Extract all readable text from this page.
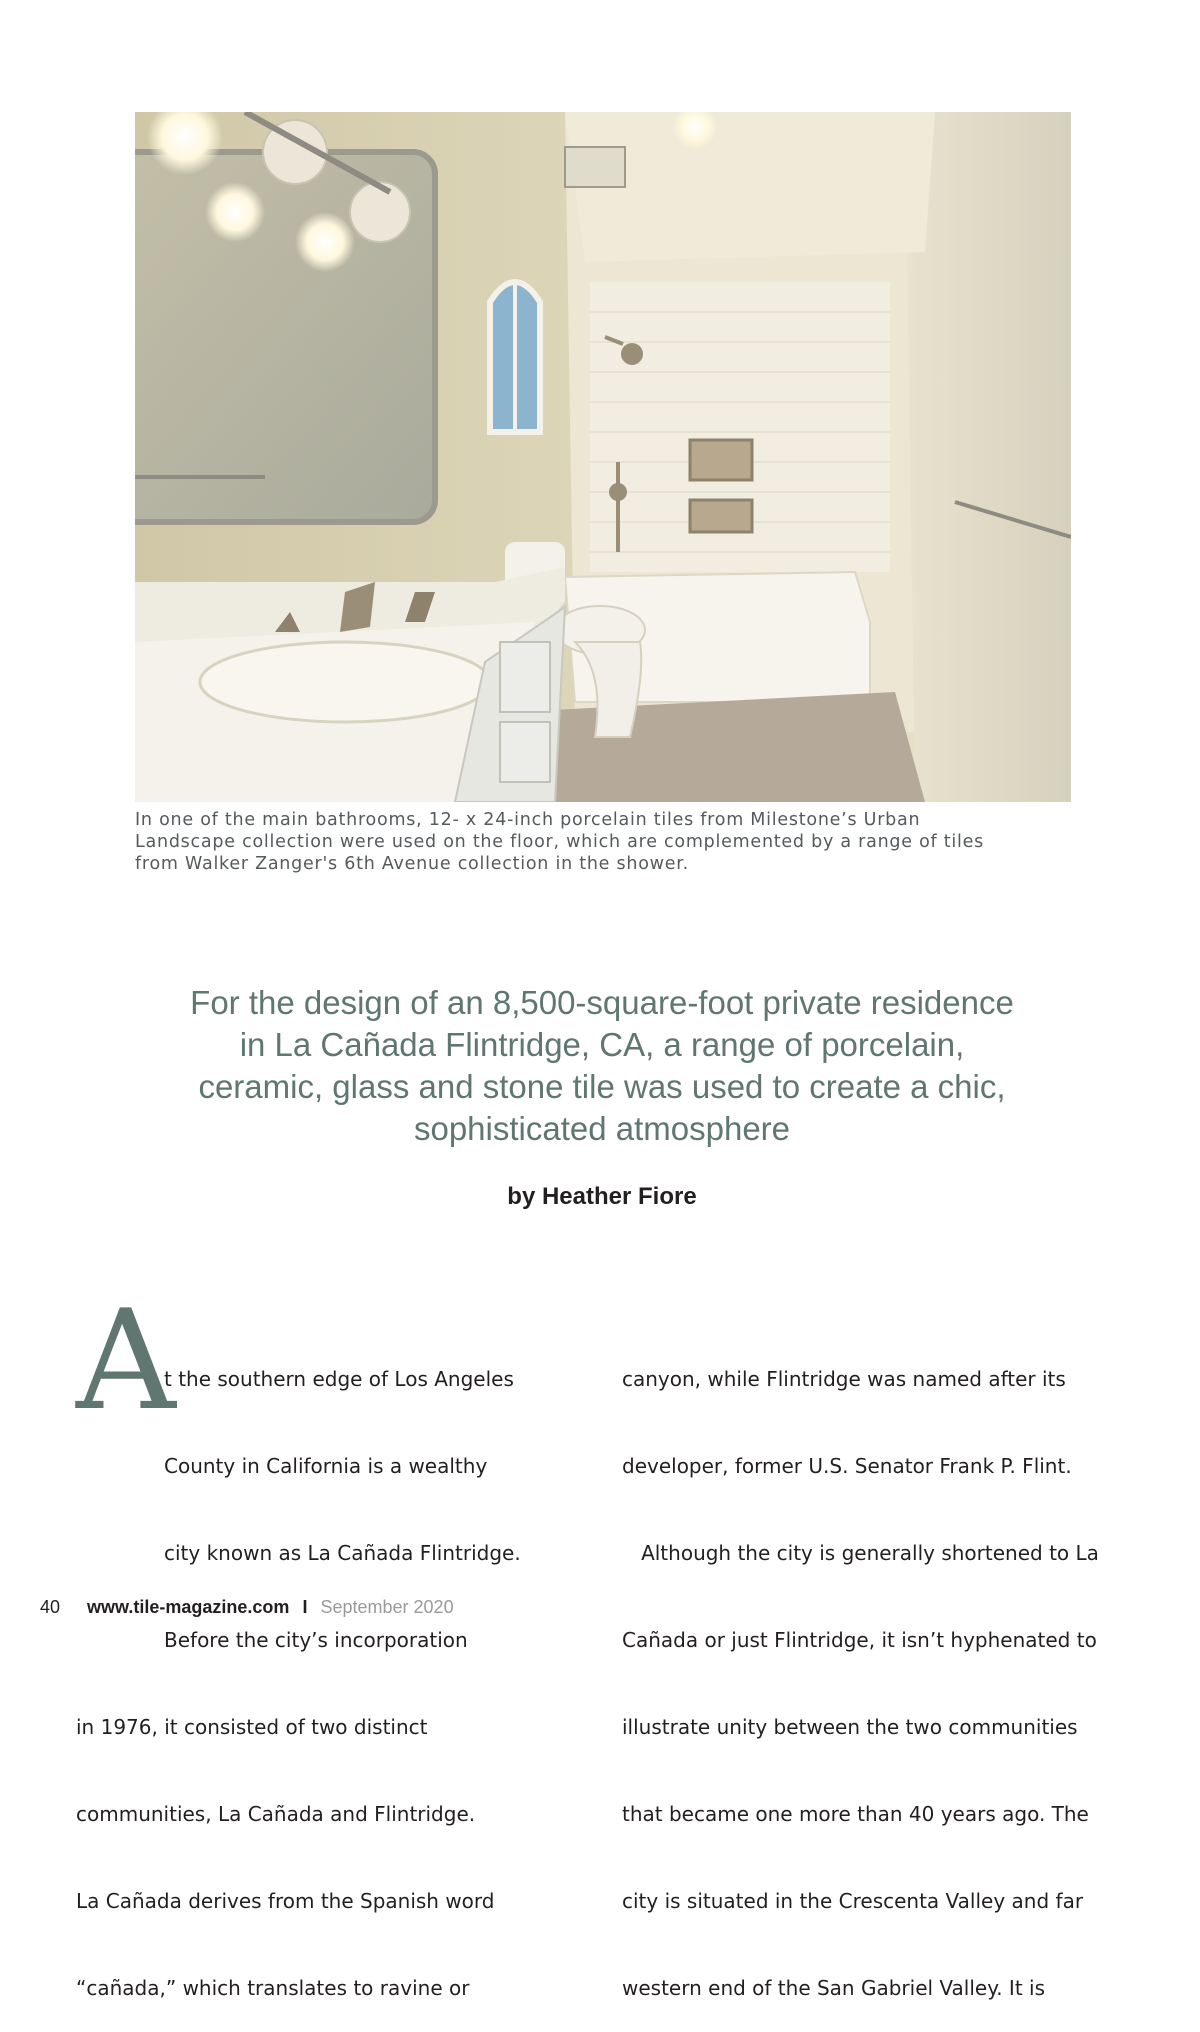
In one of the main bathrooms, 12- x 24-inch porcelain tiles from Milestone’s Urban
Landscape collection were used on the floor, which are complemented by a range of tiles
from Walker Zanger's 6th Avenue collection in the shower.
For the design of an 8,500-square-foot private residence
in La Cañada Flintridge, CA, a range of porcelain,
ceramic, glass and stone tile was used to create a chic,
sophisticated atmosphere
by Heather Fiore
A

t the southern edge of Los Angeles

County in California is a wealthy

city known as La Cañada Flintridge.

Before the city’s incorporation

in 1976, it consisted of two distinct

communities, La Cañada and Flintridge.

La Cañada derives from the Spanish word

“cañada,” which translates to ravine or

canyon, while Flintridge was named after its

developer, former U.S. Senator Frank P. Flint.

Although the city is generally shortened to La

Cañada or just Flintridge, it isn’t hyphenated to

illustrate unity between the two communities

that became one more than 40 years ago. The

city is situated in the Crescenta Valley and far

western end of the San Gabriel Valley. It is

40 www.tile-magazine.com I September 2020
